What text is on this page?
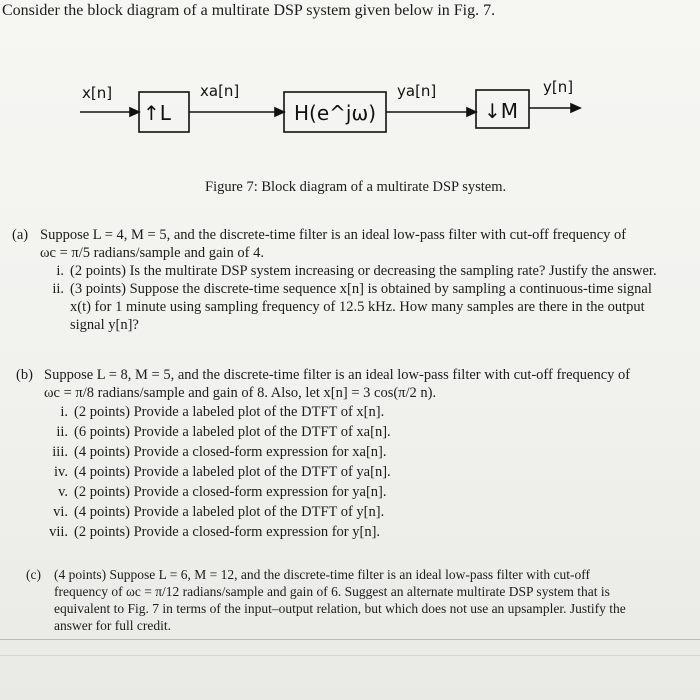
Consider the block diagram of a multirate DSP system given below in Fig. 7.
x[n]
↑L
xa[n]
H(e^jω)
ya[n]
↓M
y[n]
Figure 7: Block diagram of a multirate DSP system.
(a) Suppose L = 4, M = 5, and the discrete-time filter is an ideal low-pass filter with cut-off frequency of
ωc = π/5 radians/sample and gain of 4.
i. (2 points) Is the multirate DSP system increasing or decreasing the sampling rate? Justify the answer.
ii. (3 points) Suppose the discrete-time sequence x[n] is obtained by sampling a continuous-time signal
x(t) for 1 minute using sampling frequency of 12.5 kHz. How many samples are there in the output
signal y[n]?
(b) Suppose L = 8, M = 5, and the discrete-time filter is an ideal low-pass filter with cut-off frequency of
ωc = π/8 radians/sample and gain of 8. Also, let x[n] = 3 cos(π/2 n).
i. (2 points) Provide a labeled plot of the DTFT of x[n].
ii. (6 points) Provide a labeled plot of the DTFT of xa[n].
iii. (4 points) Provide a closed-form expression for xa[n].
iv. (4 points) Provide a labeled plot of the DTFT of ya[n].
v. (2 points) Provide a closed-form expression for ya[n].
vi. (4 points) Provide a labeled plot of the DTFT of y[n].
vii. (2 points) Provide a closed-form expression for y[n].
(c) (4 points) Suppose L = 6, M = 12, and the discrete-time filter is an ideal low-pass filter with cut-off
frequency of ωc = π/12 radians/sample and gain of 6. Suggest an alternate multirate DSP system that is
equivalent to Fig. 7 in terms of the input–output relation, but which does not use an upsampler. Justify the
answer for full credit.
